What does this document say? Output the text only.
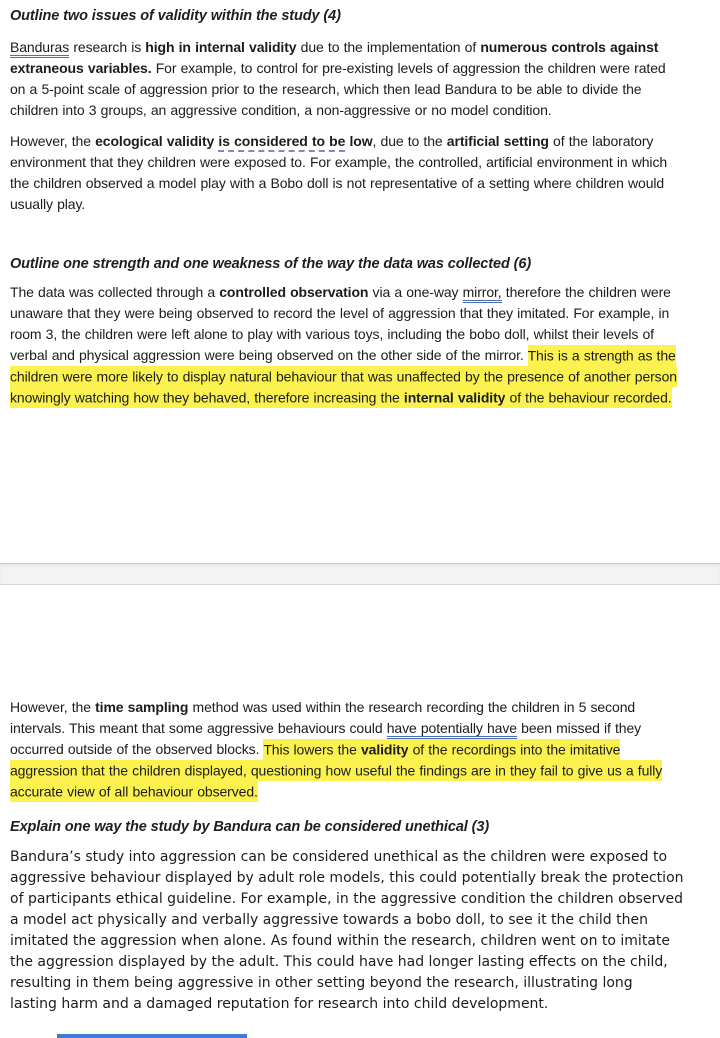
Outline two issues of validity within the study (4)

Banduras research is high in internal validity due to the implementation of numerous controls against extraneous variables. For example, to control for pre-existing levels of aggression the children were rated on a 5-point scale of aggression prior to the research, which then lead Bandura to be able to divide the children into 3 groups, an aggressive condition, a non-aggressive or no model condition.

However, the ecological validity is considered to be low, due to the artificial setting of the laboratory environment that they children were exposed to. For example, the controlled, artificial environment in which the children observed a model play with a Bobo doll is not representative of a setting where children would usually play.

Outline one strength and one weakness of the way the data was collected (6)

The data was collected through a controlled observation via a one-way mirror, therefore the children were unaware that they were being observed to record the level of aggression that they imitated. For example, in room 3, the children were left alone to play with various toys, including the bobo doll, whilst their levels of verbal and physical aggression were being observed on the other side of the mirror. This is a strength as the children were more likely to display natural behaviour that was unaffected by the presence of another person knowingly watching how they behaved, therefore increasing the internal validity of the behaviour recorded.

However, the time sampling method was used within the research recording the children in 5 second intervals. This meant that some aggressive behaviours could have potentially have been missed if they occurred outside of the observed blocks. This lowers the validity of the recordings into the imitative aggression that the children displayed, questioning how useful the findings are in they fail to give us a fully accurate view of all behaviour observed.

Explain one way the study by Bandura can be considered unethical (3)

Bandura’s study into aggression can be considered unethical as the children were exposed to aggressive behaviour displayed by adult role models, this could potentially break the protection of participants ethical guideline. For example, in the aggressive condition the children observed a model act physically and verbally aggressive towards a bobo doll, to see it the child then imitated the aggression when alone. As found within the research, children went on to imitate the aggression displayed by the adult. This could have had longer lasting effects on the child, resulting in them being aggressive in other setting beyond the research, illustrating long lasting harm and a damaged reputation for research into child development.
